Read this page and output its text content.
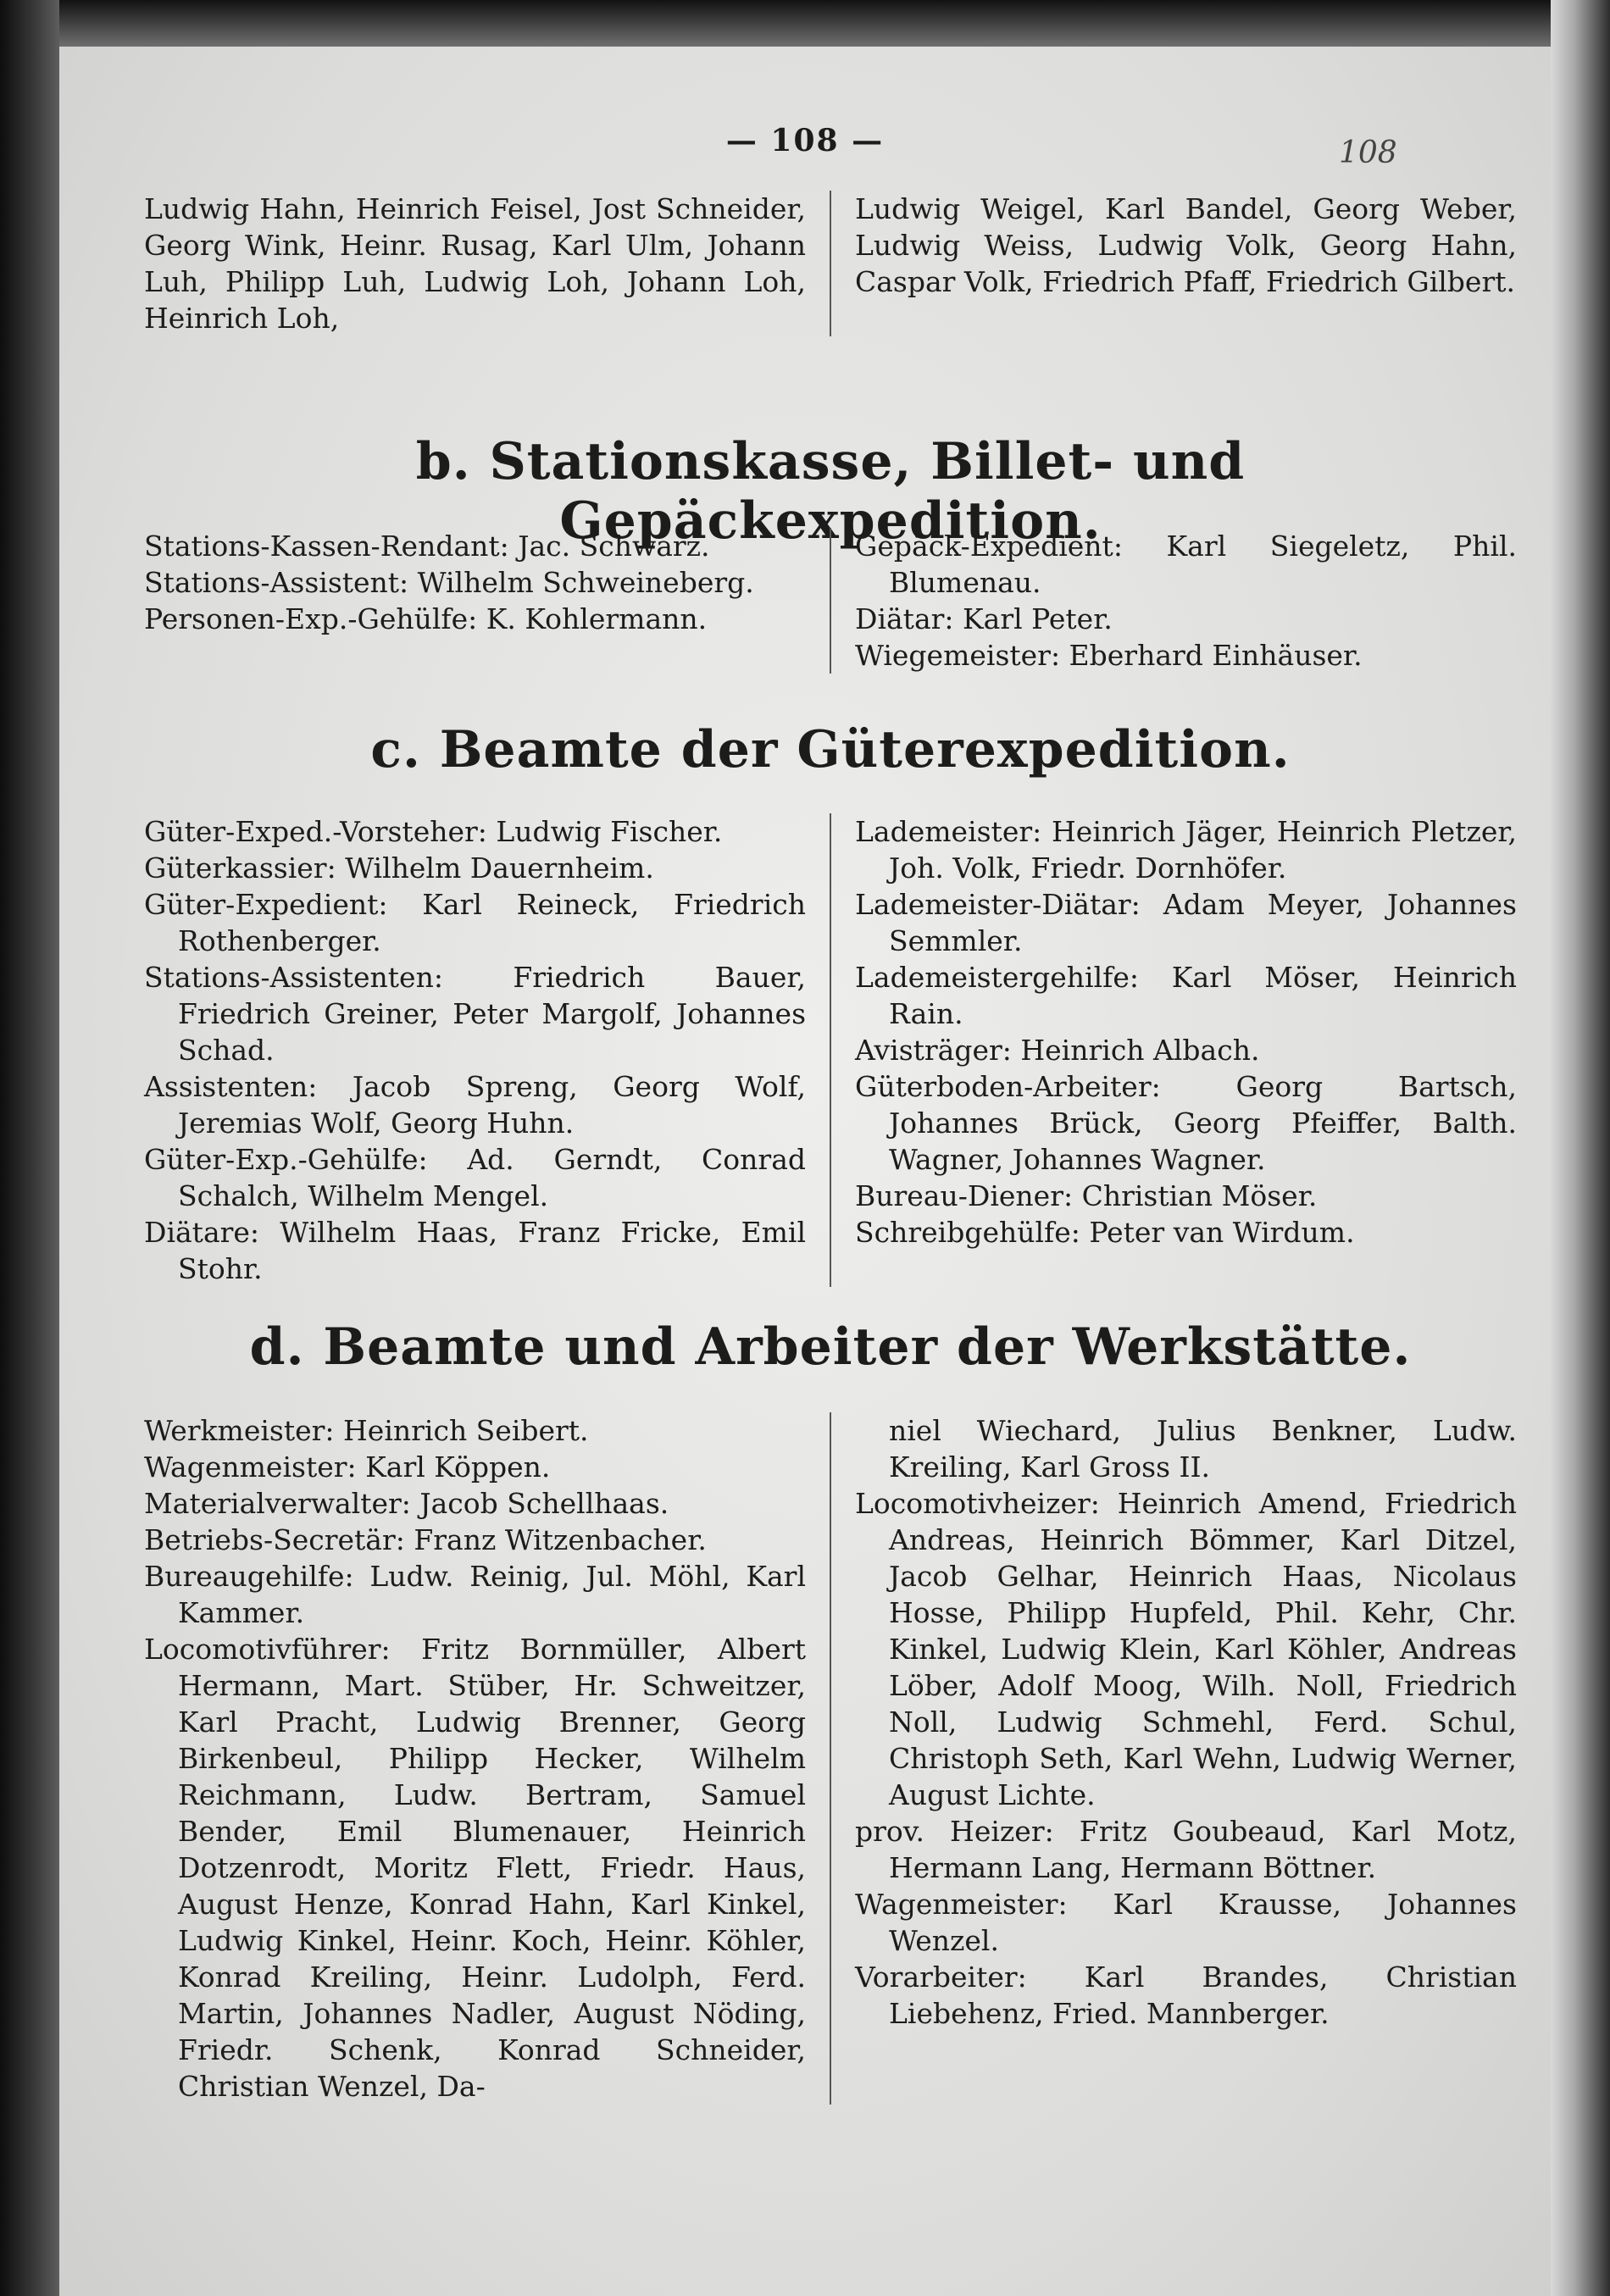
— 108 —	108

Ludwig Hahn, Heinrich Feisel, Jost Schneider, Georg Wink, Heinr. Rusag, Karl Ulm, Johann Luh, Philipp Luh, Ludwig Loh, Johann Loh, Heinrich Loh,

Ludwig Weigel, Karl Bandel, Georg Weber, Ludwig Weiss, Ludwig Volk, Georg Hahn, Caspar Volk, Friedrich Pfaff, Friedrich Gilbert.

b. Stationskasse, Billet- und Gepäckexpedition.

Stations-Kassen-Rendant: Jac. Schwarz.

Stations-Assistent: Wilhelm Schweineberg.

Personen-Exp.-Gehülfe: K. Kohlermann.

Gepäck-Expedient: Karl Siegeletz, Phil. Blumenau.

Diätar: Karl Peter.

Wiegemeister: Eberhard Einhäuser.

c. Beamte der Güterexpedition.

Güter-Exped.-Vorsteher: Ludwig Fischer.

Güterkassier: Wilhelm Dauernheim.

Güter-Expedient: Karl Reineck, Friedrich Rothenberger.

Stations-Assistenten: Friedrich Bauer, Friedrich Greiner, Peter Margolf, Johannes Schad.

Assistenten: Jacob Spreng, Georg Wolf, Jeremias Wolf, Georg Huhn.

Güter-Exp.-Gehülfe: Ad. Gerndt, Conrad Schalch, Wilhelm Mengel.

Diätare: Wilhelm Haas, Franz Fricke, Emil Stohr.

Lademeister: Heinrich Jäger, Heinrich Pletzer, Joh. Volk, Friedr. Dornhöfer.

Lademeister-Diätar: Adam Meyer, Johannes Semmler.

Lademeistergehilfe: Karl Möser, Heinrich Rain.

Avisträger: Heinrich Albach.

Güterboden-Arbeiter: Georg Bartsch, Johannes Brück, Georg Pfeiffer, Balth. Wagner, Johannes Wagner.

Bureau-Diener: Christian Möser.

Schreibgehülfe: Peter van Wirdum.

d. Beamte und Arbeiter der Werkstätte.

Werkmeister: Heinrich Seibert.

Wagenmeister: Karl Köppen.

Materialverwalter: Jacob Schellhaas.

Betriebs-Secretär: Franz Witzenbacher.

Bureaugehilfe: Ludw. Reinig, Jul. Möhl, Karl Kammer.

Locomotivführer: Fritz Bornmüller, Albert Hermann, Mart. Stüber, Hr. Schweitzer, Karl Pracht, Ludwig Brenner, Georg Birkenbeul, Philipp Hecker, Wilhelm Reichmann, Ludw. Bertram, Samuel Bender, Emil Blumenauer, Heinrich Dotzenrodt, Moritz Flett, Friedr. Haus, August Henze, Konrad Hahn, Karl Kinkel, Ludwig Kinkel, Heinr. Koch, Heinr. Köhler, Konrad Kreiling, Heinr. Ludolph, Ferd. Martin, Johannes Nadler, August Nöding, Friedr. Schenk, Konrad Schneider, Christian Wenzel, Da-

niel Wiechard, Julius Benkner, Ludw. Kreiling, Karl Gross II.

Locomotivheizer: Heinrich Amend, Friedrich Andreas, Heinrich Bömmer, Karl Ditzel, Jacob Gelhar, Heinrich Haas, Nicolaus Hosse, Philipp Hupfeld, Phil. Kehr, Chr. Kinkel, Ludwig Klein, Karl Köhler, Andreas Löber, Adolf Moog, Wilh. Noll, Friedrich Noll, Ludwig Schmehl, Ferd. Schul, Christoph Seth, Karl Wehn, Ludwig Werner, August Lichte.

prov. Heizer: Fritz Goubeaud, Karl Motz, Hermann Lang, Hermann Böttner.

Wagenmeister: Karl Krausse, Johannes Wenzel.

Vorarbeiter: Karl Brandes, Christian Liebehenz, Fried. Mannberger.
